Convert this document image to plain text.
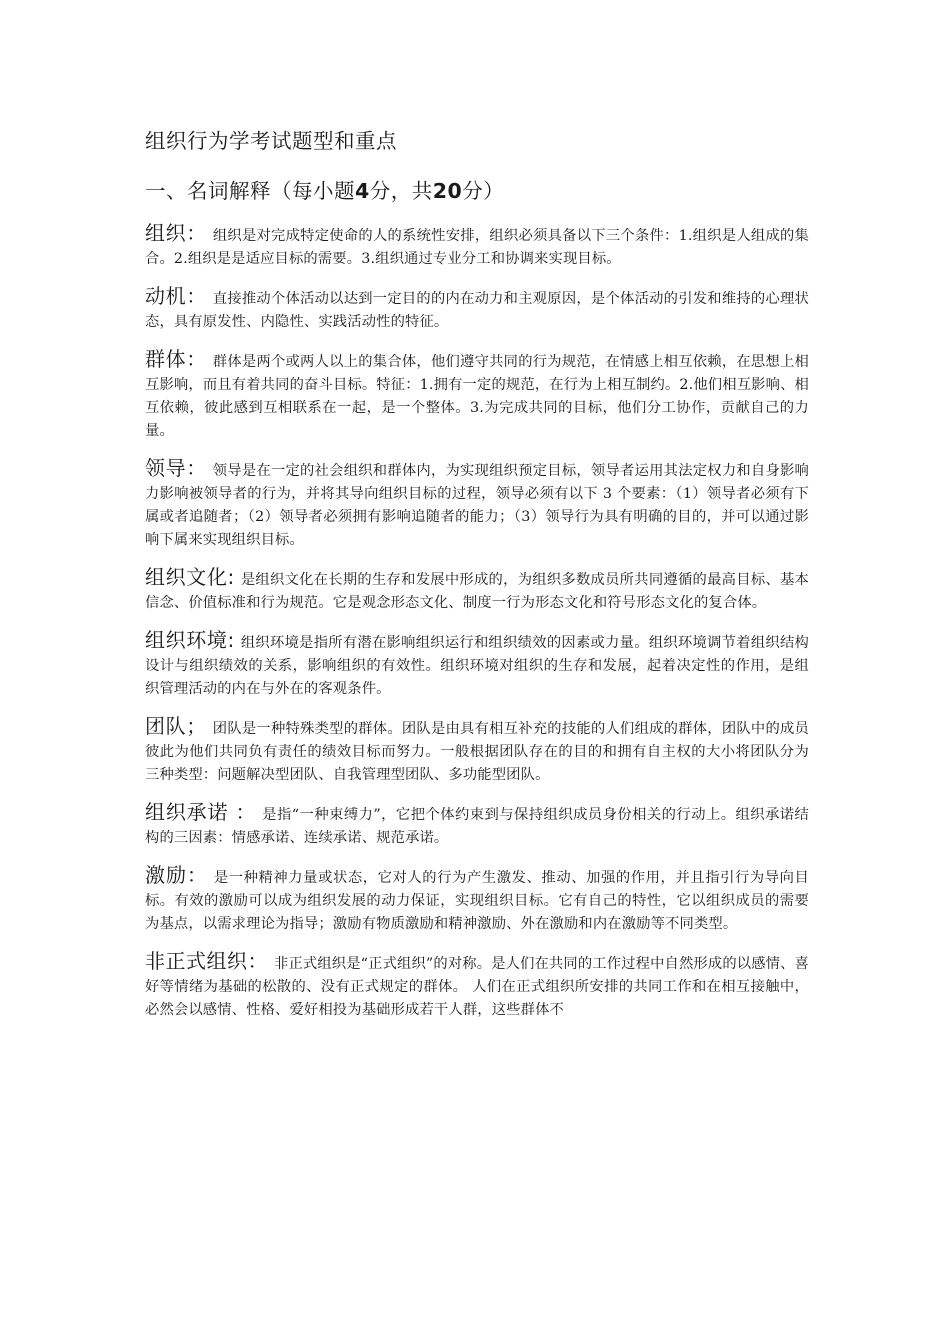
组织行为学考试题型和重点
一、名词解释（每小题4分，共20分）

组织： 组织是对完成特定使命的人的系统性安排，组织必须具备以下三个条件：1.组织是人组成的集合。2.组织是是适应目标的需要。3.组织通过专业分工和协调来实现目标。

动机： 直接推动个体活动以达到一定目的的内在动力和主观原因，是个体活动的引发和维持的心理状态，具有原发性、内隐性、实践活动性的特征。

群体： 群体是两个或两人以上的集合体，他们遵守共同的行为规范，在情感上相互依赖，在思想上相互影响，而且有着共同的奋斗目标。特征：1.拥有一定的规范，在行为上相互制约。2.他们相互影响、相互依赖，彼此感到互相联系在一起，是一个整体。3.为完成共同的目标，他们分工协作，贡献自己的力量。

领导： 领导是在一定的社会组织和群体内，为实现组织预定目标，领导者运用其法定权力和自身影响力影响被领导者的行为，并将其导向组织目标的过程，领导必须有以下 3 个要素：（1）领导者必须有下属或者追随者；（2）领导者必须拥有影响追随者的能力；（3）领导行为具有明确的目的，并可以通过影响下属来实现组织目标。

组织文化: 是组织文化在长期的生存和发展中形成的，为组织多数成员所共同遵循的最高目标、基本信念、价值标准和行为规范。它是观念形态文化、制度一行为形态文化和符号形态文化的复合体。

组织环境: 组织环境是指所有潜在影响组织运行和组织绩效的因素或力量。组织环境调节着组织结构设计与组织绩效的关系，影响组织的有效性。组织环境对组织的生存和发展，起着决定性的作用，是组织管理活动的内在与外在的客观条件。

团队； 团队是一种特殊类型的群体。团队是由具有相互补充的技能的人们组成的群体，团队中的成员彼此为他们共同负有责任的绩效目标而努力。一般根据团队存在的目的和拥有自主权的大小将团队分为三种类型：问题解决型团队、自我管理型团队、多功能型团队。

组织承诺 ： 是指“一种束缚力”，它把个体约束到与保持组织成员身份相关的行动上。组织承诺结构的三因素：情感承诺、连续承诺、规范承诺。

激励： 是一种精神力量或状态，它对人的行为产生激发、推动、加强的作用，并且指引行为导向目标。有效的激励可以成为组织发展的动力保证，实现组织目标。它有自己的特性，它以组织成员的需要为基点，以需求理论为指导；激励有物质激励和精神激励、外在激励和内在激励等不同类型。

非正式组织： 非正式组织是“正式组织”的对称。是人们在共同的工作过程中自然形成的以感情、喜好等情绪为基础的松散的、没有正式规定的群体。 人们在正式组织所安排的共同工作和在相互接触中，必然会以感情、性格、爱好相投为基础形成若干人群，这些群体不
